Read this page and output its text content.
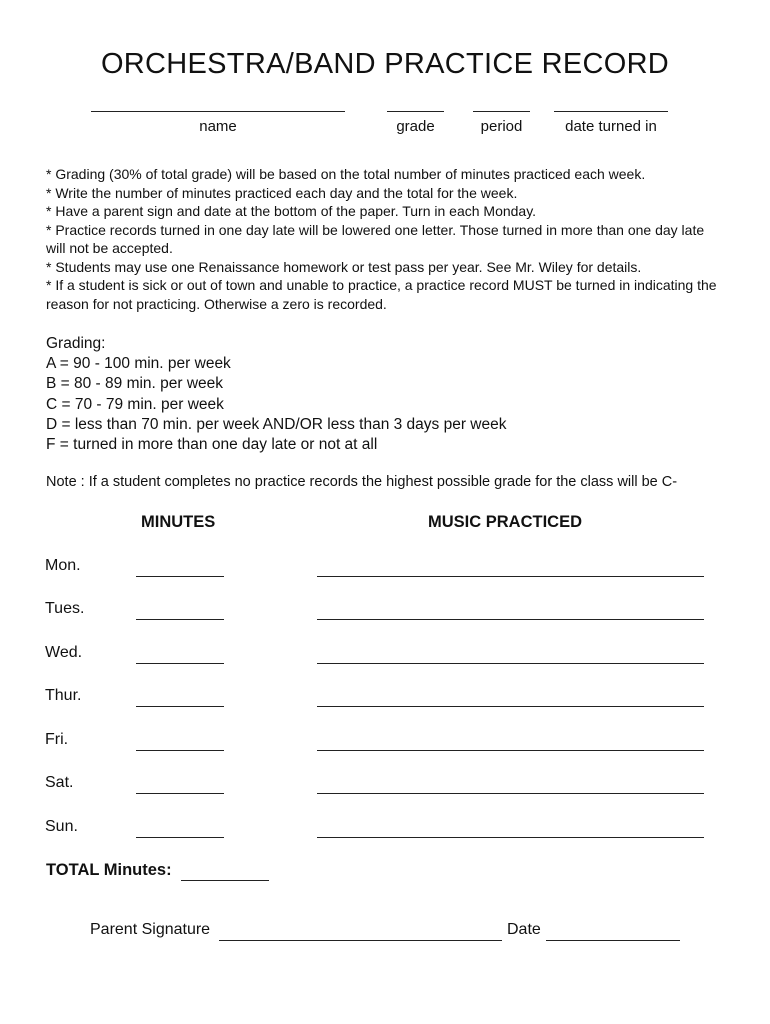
ORCHESTRA/BAND PRACTICE RECORD
name	grade	period	date turned in

* Grading (30% of total grade) will be based on the total number of minutes practiced each week.

* Write the number of minutes practiced each day and the total for the week.

* Have a parent sign and date at the bottom of the paper. Turn in each Monday.

* Practice records turned in one day late will be lowered one letter. Those turned in more than one day late will not be accepted.

* Students may use one Renaissance homework or test pass per year. See Mr. Wiley for details.

* If a student is sick or out of town and unable to practice, a practice record MUST be turned in indicating the reason for not practicing. Otherwise a zero is recorded.

Grading:

A = 90 - 100 min. per week

B = 80 - 89 min. per week

C = 70 - 79 min. per week

D = less than 70 min. per week AND/OR less than 3 days per week

F = turned in more than one day late or not at all

Note : If a student completes no practice records the highest possible grade for the class will be C-
MINUTES	MUSIC PRACTICED
Mon.
Tues.
Wed.
Thur.
Fri.
Sat.
Sun.
TOTAL Minutes:
Parent Signature	Date
